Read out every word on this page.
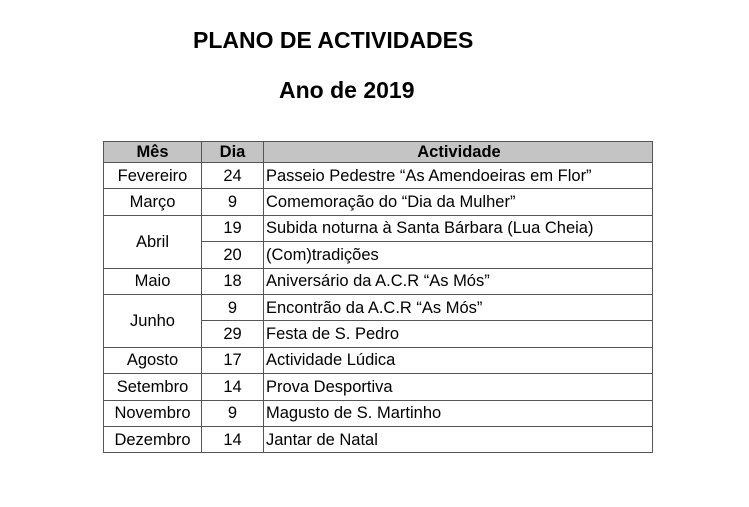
PLANO DE ACTIVIDADES
Ano de 2019
Mês	Dia	Actividade
Fevereiro	24	Passeio Pedestre “As Amendoeiras em Flor”
Março	9	Comemoração do “Dia da Mulher”
Abril	19	Subida noturna à Santa Bárbara (Lua Cheia)
	20	(Com)tradições
Maio	18	Aniversário da A.C.R “As Mós”
Junho	9	Encontrão da A.C.R “As Mós”
	29	Festa de S. Pedro
Agosto	17	Actividade Lúdica
Setembro	14	Prova Desportiva
Novembro	9	Magusto de S. Martinho
Dezembro	14	Jantar de Natal
